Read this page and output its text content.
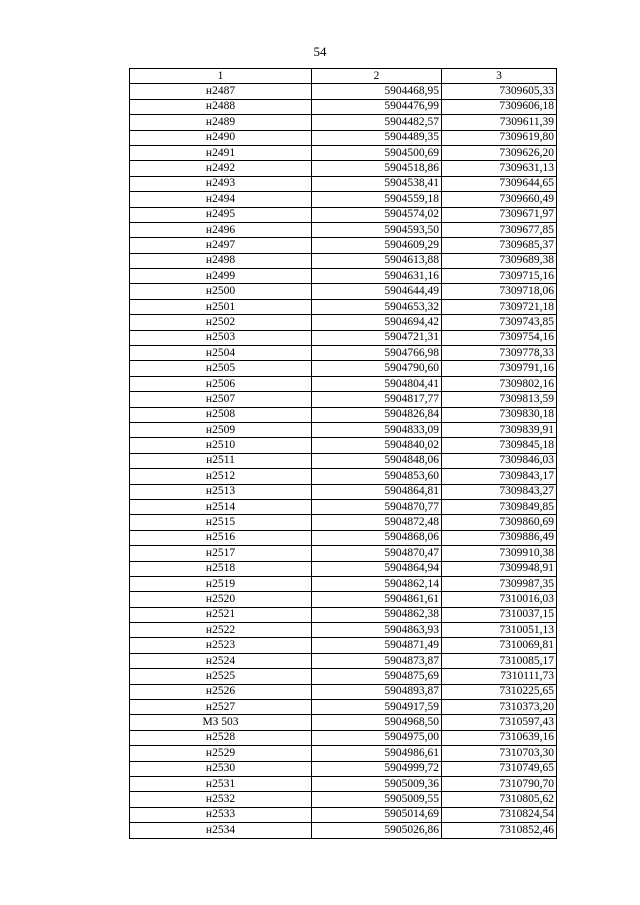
54
1	2	3
н2487	5904468,95	7309605,33
н2488	5904476,99	7309606,18
н2489	5904482,57	7309611,39
н2490	5904489,35	7309619,80
н2491	5904500,69	7309626,20
н2492	5904518,86	7309631,13
н2493	5904538,41	7309644,65
н2494	5904559,18	7309660,49
н2495	5904574,02	7309671,97
н2496	5904593,50	7309677,85
н2497	5904609,29	7309685,37
н2498	5904613,88	7309689,38
н2499	5904631,16	7309715,16
н2500	5904644,49	7309718,06
н2501	5904653,32	7309721,18
н2502	5904694,42	7309743,85
н2503	5904721,31	7309754,16
н2504	5904766,98	7309778,33
н2505	5904790,60	7309791,16
н2506	5904804,41	7309802,16
н2507	5904817,77	7309813,59
н2508	5904826,84	7309830,18
н2509	5904833,09	7309839,91
н2510	5904840,02	7309845,18
н2511	5904848,06	7309846,03
н2512	5904853,60	7309843,17
н2513	5904864,81	7309843,27
н2514	5904870,77	7309849,85
н2515	5904872,48	7309860,69
н2516	5904868,06	7309886,49
н2517	5904870,47	7309910,38
н2518	5904864,94	7309948,91
н2519	5904862,14	7309987,35
н2520	5904861,61	7310016,03
н2521	5904862,38	7310037,15
н2522	5904863,93	7310051,13
н2523	5904871,49	7310069,81
н2524	5904873,87	7310085,17
н2525	5904875,69	7310111,73
н2526	5904893,87	7310225,65
н2527	5904917,59	7310373,20
МЗ 503	5904968,50	7310597,43
н2528	5904975,00	7310639,16
н2529	5904986,61	7310703,30
н2530	5904999,72	7310749,65
н2531	5905009,36	7310790,70
н2532	5905009,55	7310805,62
н2533	5905014,69	7310824,54
н2534	5905026,86	7310852,46
